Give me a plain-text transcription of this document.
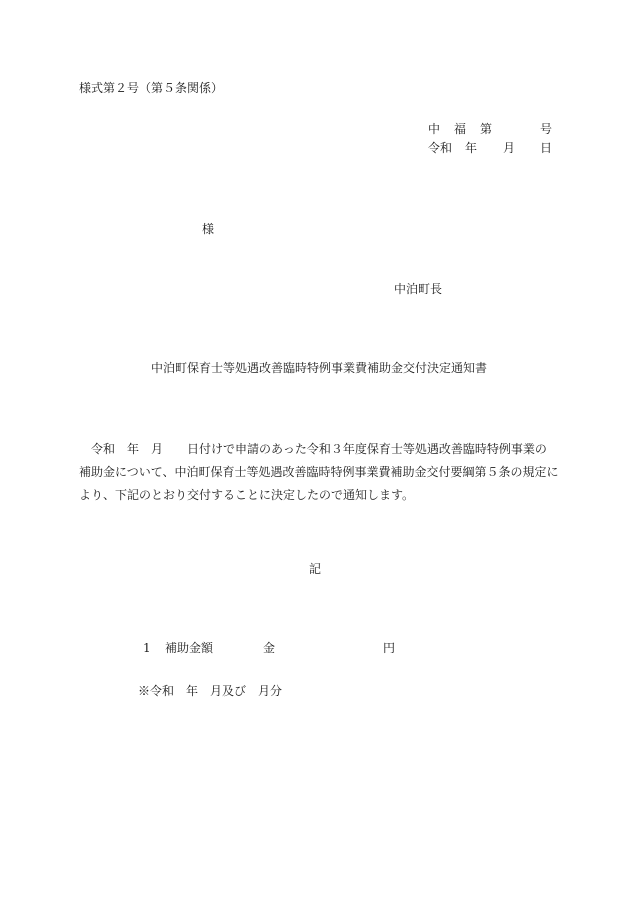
様式第２号（第５条関係）
中 福 第	号
令和 年 月 日
様
中泊町長
中泊町保育士等処遇改善臨時特例事業費補助金交付決定通知書
　令和　年　月　　日付けで申請のあった令和３年度保育士等処遇改善臨時特例事業の
補助金について、中泊町保育士等処遇改善臨時特例事業費補助金交付要綱第５条の規定に
より、下記のとおり交付することに決定したので通知します。
記
1 補助金額	金	円
※令和　年　月及び　月分
